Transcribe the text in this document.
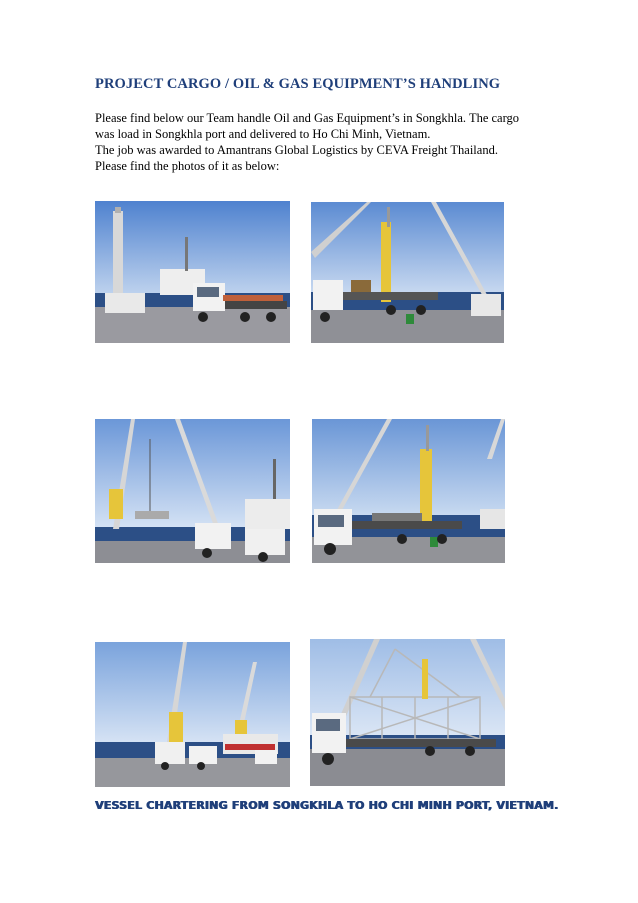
PROJECT CARGO / OIL & GAS EQUIPMENT’S HANDLING

Please find below our Team handle Oil and Gas Equipment’s in Songkhla. The cargo

was load in Songkhla port and delivered to Ho Chi Minh, Vietnam.

The job was awarded to Amantrans Global Logistics by CEVA Freight Thailand.

Please find the photos of it as below:

VESSEL CHARTERING FROM SONGKHLA TO HO CHI MINH PORT, VIETNAM.
